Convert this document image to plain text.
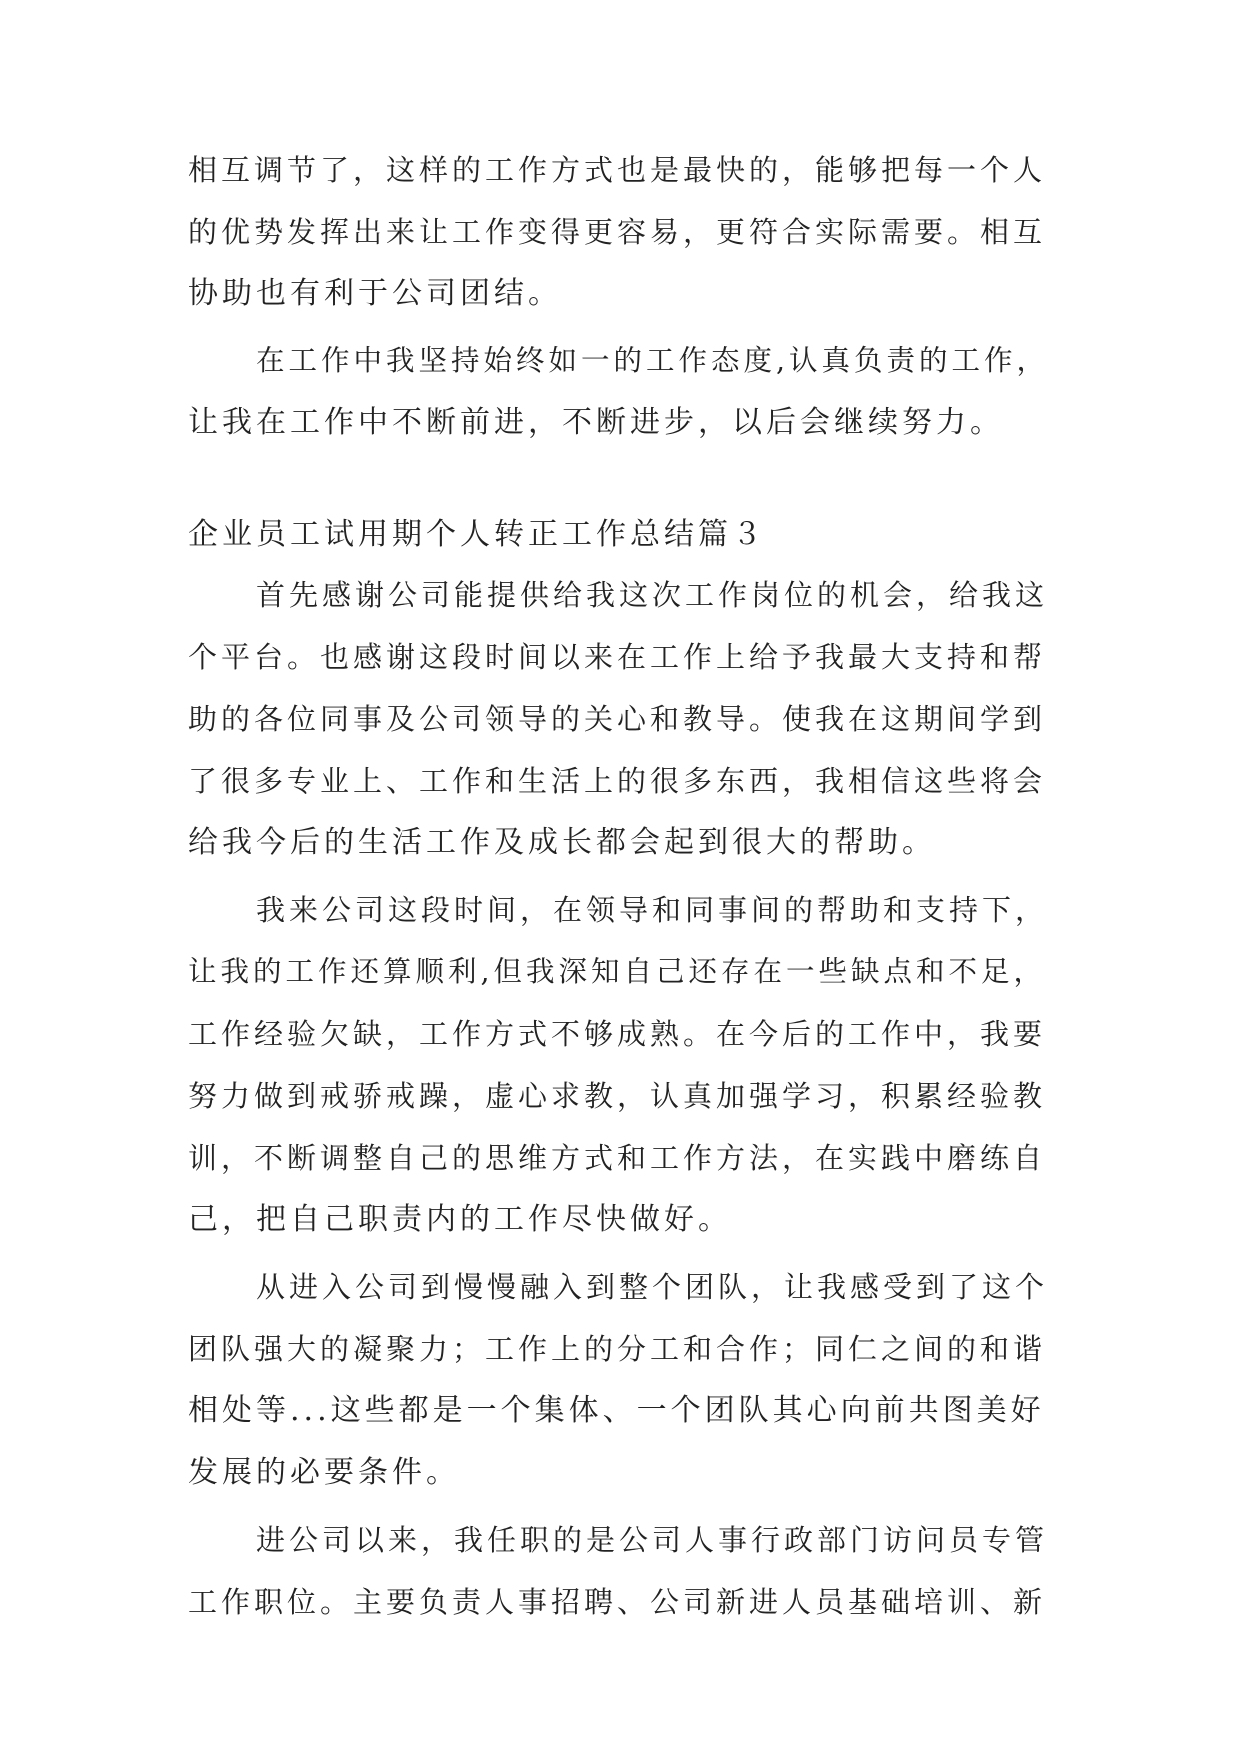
相互调节了，这样的工作方式也是最快的，能够把每一个人
的优势发挥出来让工作变得更容易，更符合实际需要。相互
协助也有利于公司团结。
在工作中我坚持始终如一的工作态度,认真负责的工作，
让我在工作中不断前进，不断进步，以后会继续努力。
企业员工试用期个人转正工作总结篇３
首先感谢公司能提供给我这次工作岗位的机会，给我这
个平台。也感谢这段时间以来在工作上给予我最大支持和帮
助的各位同事及公司领导的关心和教导。使我在这期间学到
了很多专业上、工作和生活上的很多东西，我相信这些将会
给我今后的生活工作及成长都会起到很大的帮助。
我来公司这段时间，在领导和同事间的帮助和支持下，
让我的工作还算顺利,但我深知自己还存在一些缺点和不足，
工作经验欠缺，工作方式不够成熟。在今后的工作中，我要
努力做到戒骄戒躁，虚心求教，认真加强学习，积累经验教
训，不断调整自己的思维方式和工作方法，在实践中磨练自
己，把自己职责内的工作尽快做好。
从进入公司到慢慢融入到整个团队，让我感受到了这个
团队强大的凝聚力；工作上的分工和合作；同仁之间的和谐
相处等...这些都是一个集体、一个团队其心向前共图美好
发展的必要条件。
进公司以来，我任职的是公司人事行政部门访问员专管
工作职位。主要负责人事招聘、公司新进人员基础培训、新
